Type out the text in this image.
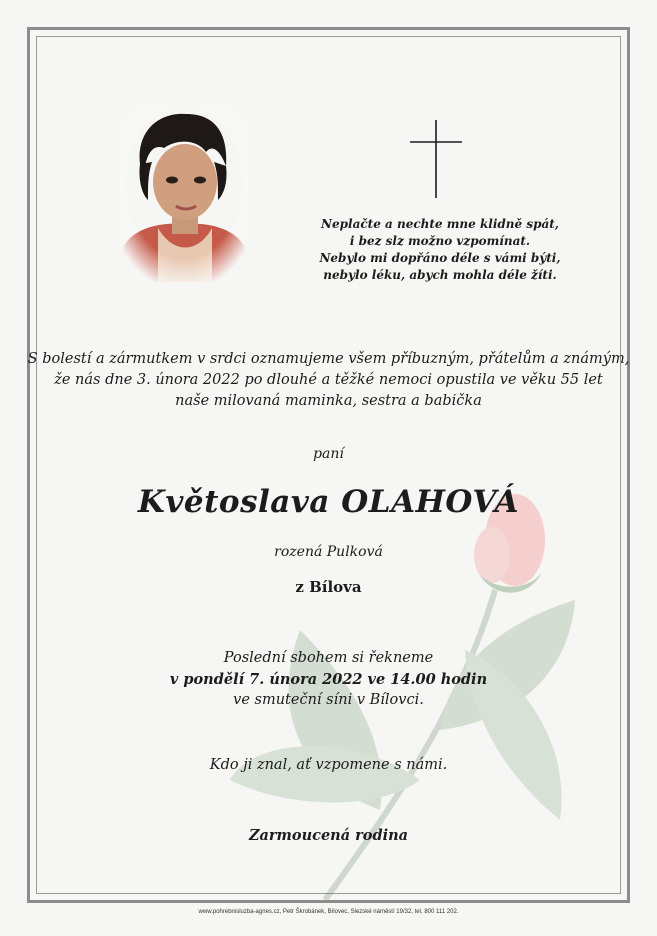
Neplačte a nechte mne klidně spát,
i bez slz možno vzpomínat.
Nebylo mi dopřáno déle s vámi býti,
nebylo léku, abych mohla déle žíti.
S bolestí a zármutkem v srdci oznamujeme všem příbuzným, přátelům a známým,
že nás dne 3. února 2022 po dlouhé a těžké nemoci opustila ve věku 55 let
naše milovaná maminka, sestra a babička
paní
Květoslava OLAHOVÁ
rozená Pulková
z Bílova
Poslední sbohem si řekneme
v pondělí 7. února 2022 ve 14.00 hodin
ve smuteční síni v Bílovci.
Kdo ji znal, ať vzpomene s námi.
Zarmoucená rodina
www.pohrebnisluzba-agnes.cz, Petr Škrobánek, Bílovec, Slezské náměstí 19/32, tel. 800 111 202.
